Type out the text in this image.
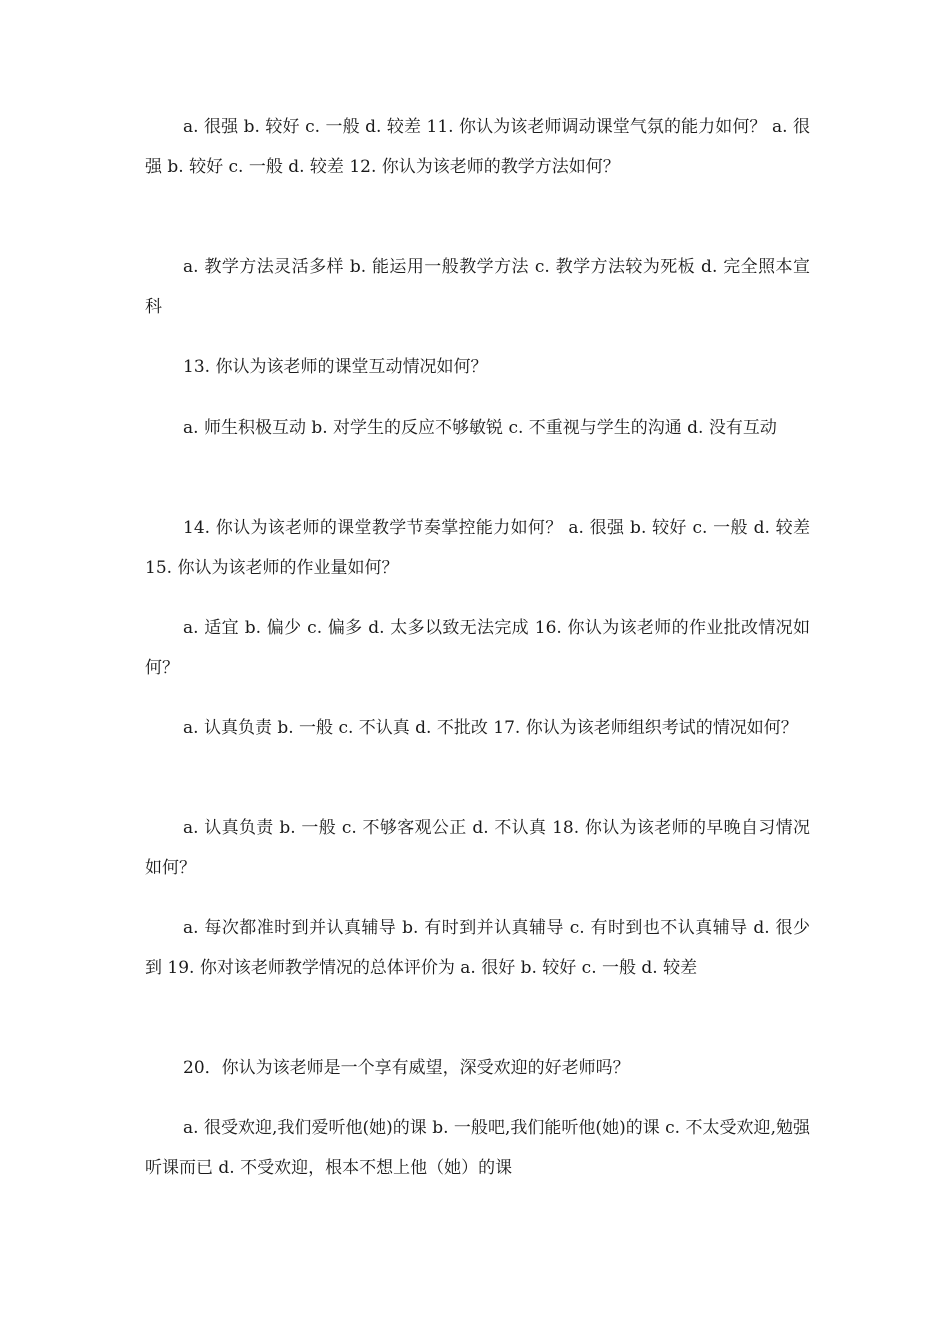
a. 很强 b. 较好 c. 一般 d. 较差 11. 你认为该老师调动课堂气氛的能力如何？ a. 很强 b. 较好 c. 一般 d. 较差 12. 你认为该老师的教学方法如何？

a. 教学方法灵活多样 b. 能运用一般教学方法 c. 教学方法较为死板 d. 完全照本宣科

13. 你认为该老师的课堂互动情况如何？

a. 师生积极互动 b. 对学生的反应不够敏锐 c. 不重视与学生的沟通 d. 没有互动

14. 你认为该老师的课堂教学节奏掌控能力如何？ a. 很强 b. 较好 c. 一般 d. 较差 15. 你认为该老师的作业量如何？

a. 适宜 b. 偏少 c. 偏多 d. 太多以致无法完成 16. 你认为该老师的作业批改情况如何？

a. 认真负责 b. 一般 c. 不认真 d. 不批改 17. 你认为该老师组织考试的情况如何？

a. 认真负责 b. 一般 c. 不够客观公正 d. 不认真 18. 你认为该老师的早晚自习情况如何？

a. 每次都准时到并认真辅导 b. 有时到并认真辅导 c. 有时到也不认真辅导 d. 很少到 19. 你对该老师教学情况的总体评价为 a. 很好 b. 较好 c. 一般 d. 较差

20．你认为该老师是一个享有威望，深受欢迎的好老师吗？

a. 很受欢迎,我们爱听他(她)的课 b. 一般吧,我们能听他(她)的课 c. 不太受欢迎,勉强听课而已 d. 不受欢迎，根本不想上他（她）的课
